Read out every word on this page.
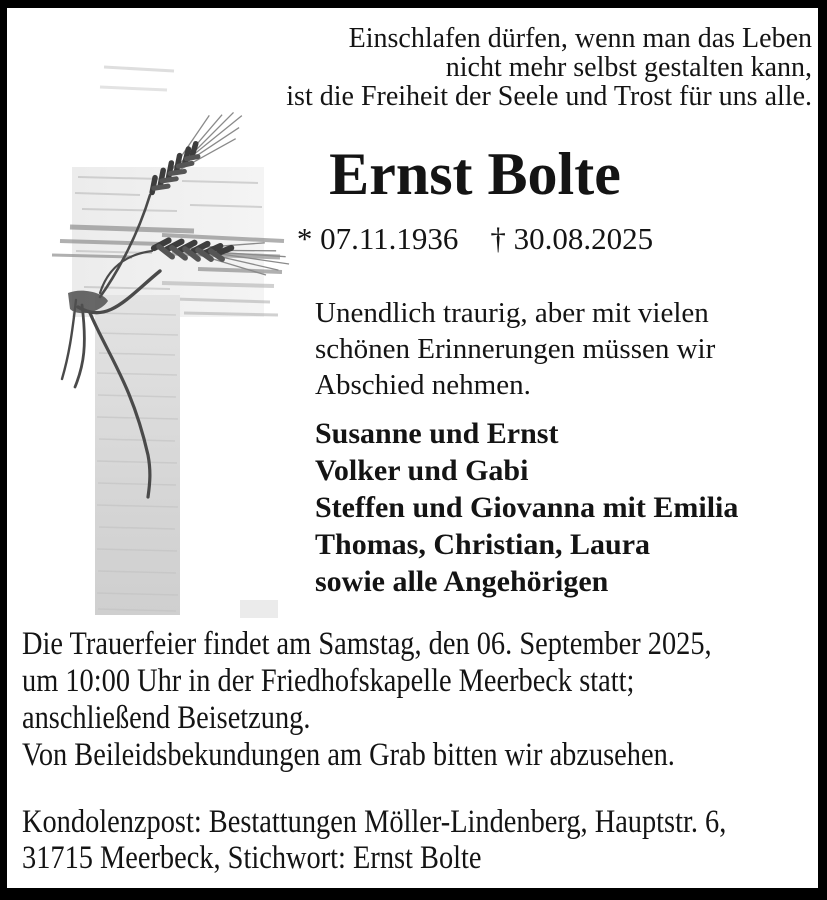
Einschlafen dürfen, wenn man das Leben
nicht mehr selbst gestalten kann,
ist die Freiheit der Seele und Trost für uns alle.
Ernst Bolte
* 07.11.1936 † 30.08.2025
Unendlich traurig, aber mit vielen
schönen Erinnerungen müssen wir
Abschied nehmen.
Susanne und Ernst
Volker und Gabi
Steffen und Giovanna mit Emilia
Thomas, Christian, Laura
sowie alle Angehörigen
Die Trauerfeier findet am Samstag, den 06. September 2025,
um 10:00 Uhr in der Friedhofskapelle Meerbeck statt;
anschließend Beisetzung.
Von Beileidsbekundungen am Grab bitten wir abzusehen.
Kondolenzpost: Bestattungen Möller-Lindenberg, Hauptstr. 6,
31715 Meerbeck, Stichwort: Ernst Bolte
